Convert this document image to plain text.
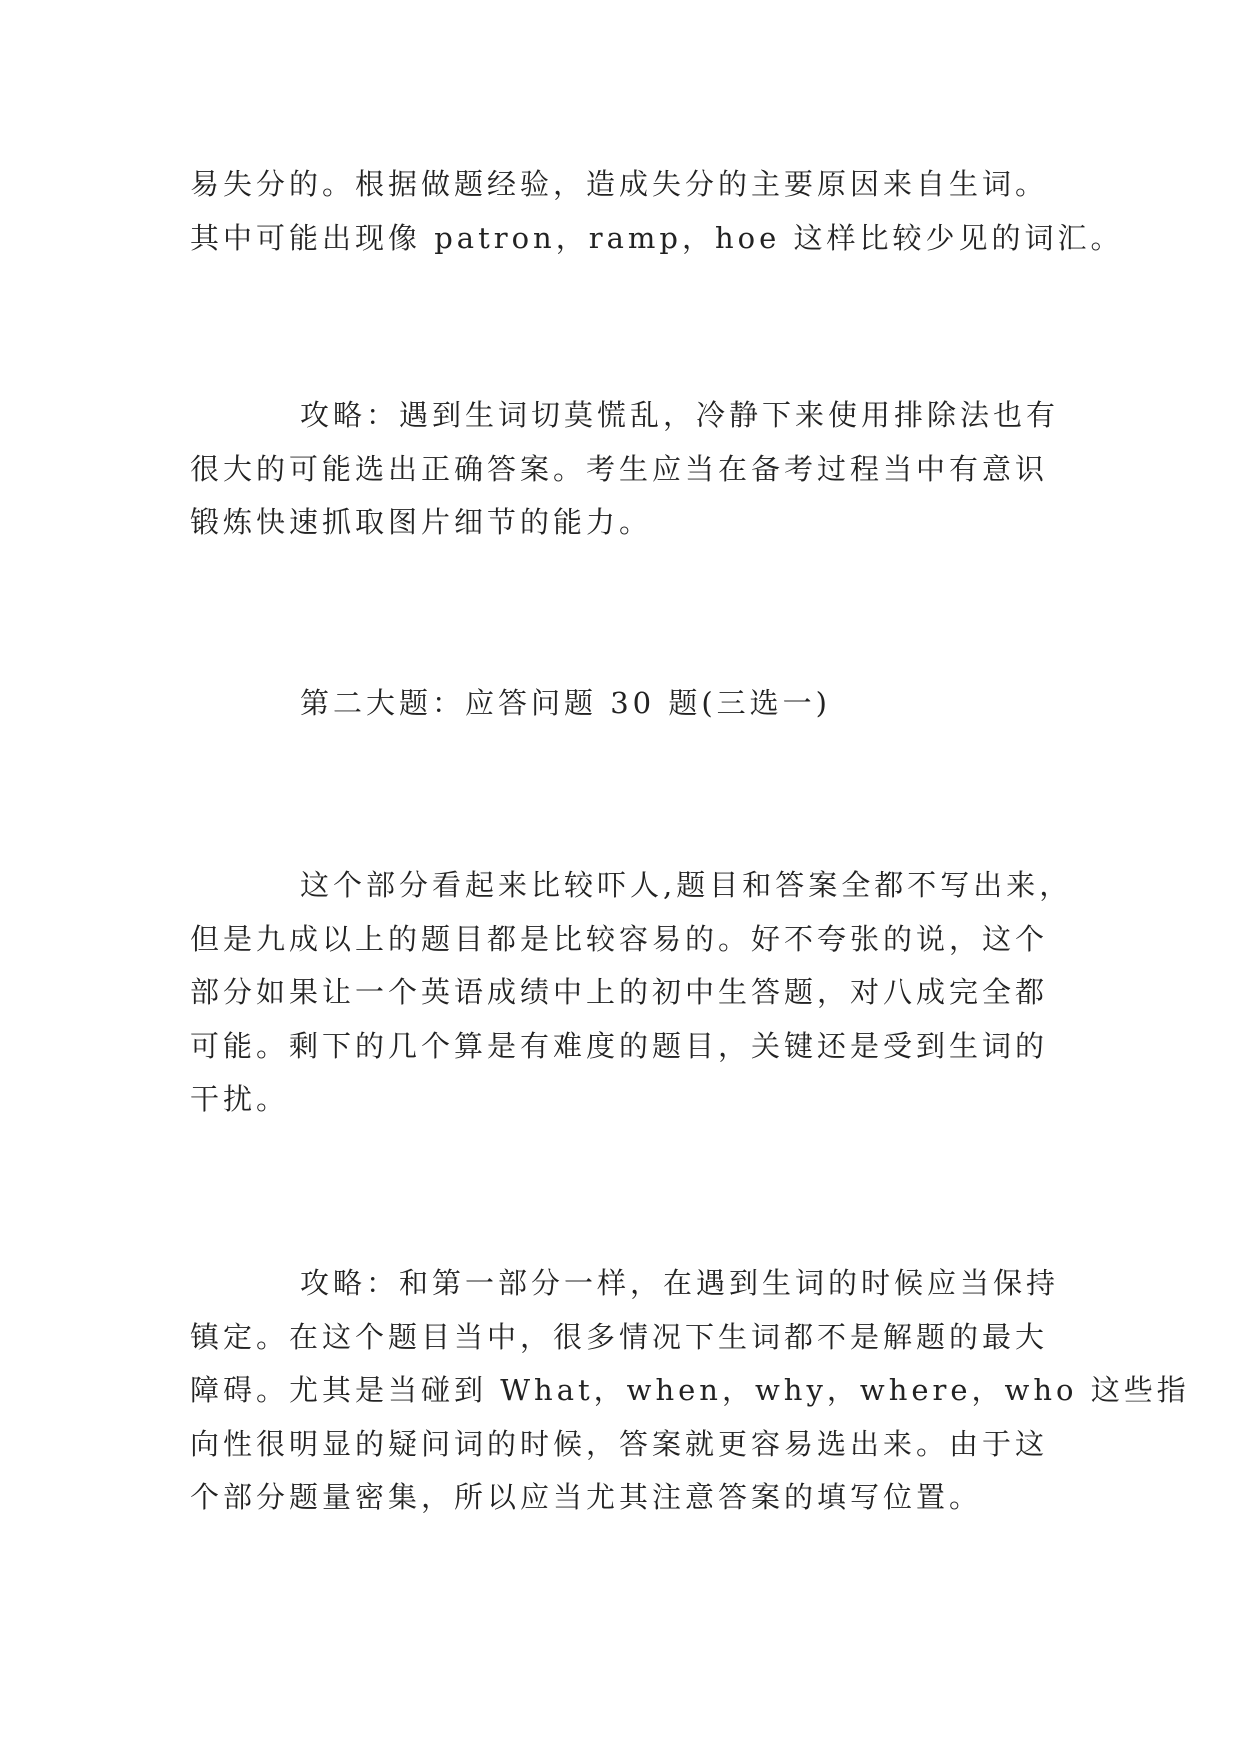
易失分的。根据做题经验，造成失分的主要原因来自生词。
其中可能出现像 patron，ramp，hoe 这样比较少见的词汇。
攻略：遇到生词切莫慌乱，冷静下来使用排除法也有
很大的可能选出正确答案。考生应当在备考过程当中有意识
锻炼快速抓取图片细节的能力。
第二大题：应答问题 30 题(三选一)
这个部分看起来比较吓人,题目和答案全都不写出来，
但是九成以上的题目都是比较容易的。好不夸张的说，这个
部分如果让一个英语成绩中上的初中生答题，对八成完全都
可能。剩下的几个算是有难度的题目，关键还是受到生词的
干扰。
攻略：和第一部分一样，在遇到生词的时候应当保持
镇定。在这个题目当中，很多情况下生词都不是解题的最大
障碍。尤其是当碰到 What，when，why，where，who 这些指
向性很明显的疑问词的时候，答案就更容易选出来。由于这
个部分题量密集，所以应当尤其注意答案的填写位置。
